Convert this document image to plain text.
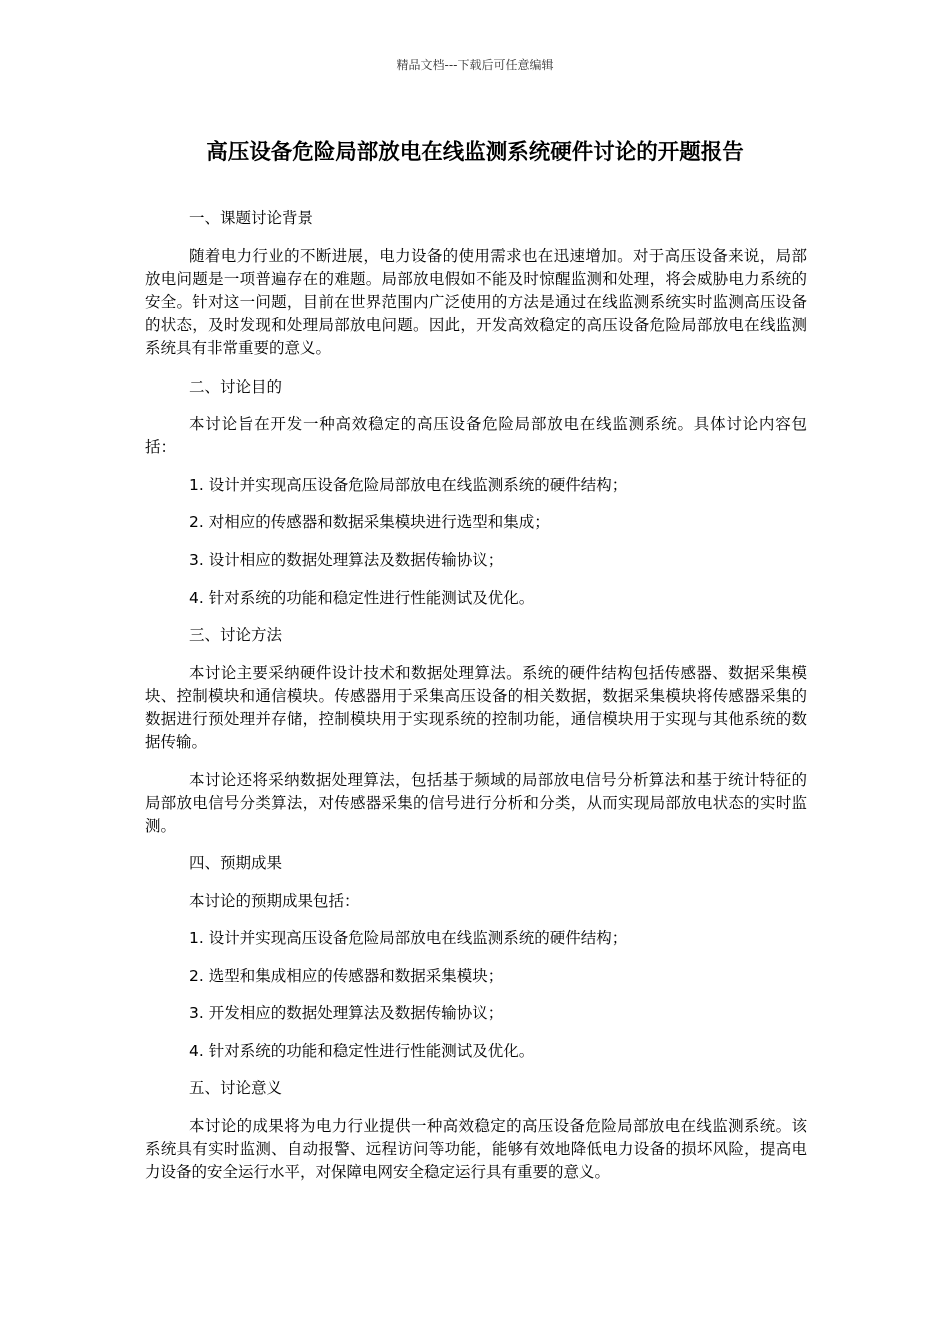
精品文档---下载后可任意编辑
高压设备危险局部放电在线监测系统硬件讨论的开题报告

一、课题讨论背景

随着电力行业的不断进展，电力设备的使用需求也在迅速增加。对于高压设备来说，局部放电问题是一项普遍存在的难题。局部放电假如不能及时惊醒监测和处理，将会威胁电力系统的安全。针对这一问题，目前在世界范围内广泛使用的方法是通过在线监测系统实时监测高压设备的状态，及时发现和处理局部放电问题。因此，开发高效稳定的高压设备危险局部放电在线监测系统具有非常重要的意义。

二、讨论目的

本讨论旨在开发一种高效稳定的高压设备危险局部放电在线监测系统。具体讨论内容包括：

1. 设计并实现高压设备危险局部放电在线监测系统的硬件结构；

2. 对相应的传感器和数据采集模块进行选型和集成；

3. 设计相应的数据处理算法及数据传输协议；

4. 针对系统的功能和稳定性进行性能测试及优化。

三、讨论方法

本讨论主要采纳硬件设计技术和数据处理算法。系统的硬件结构包括传感器、数据采集模块、控制模块和通信模块。传感器用于采集高压设备的相关数据，数据采集模块将传感器采集的数据进行预处理并存储，控制模块用于实现系统的控制功能，通信模块用于实现与其他系统的数据传输。

本讨论还将采纳数据处理算法，包括基于频域的局部放电信号分析算法和基于统计特征的局部放电信号分类算法，对传感器采集的信号进行分析和分类，从而实现局部放电状态的实时监测。

四、预期成果

本讨论的预期成果包括：

1. 设计并实现高压设备危险局部放电在线监测系统的硬件结构；

2. 选型和集成相应的传感器和数据采集模块；

3. 开发相应的数据处理算法及数据传输协议；

4. 针对系统的功能和稳定性进行性能测试及优化。

五、讨论意义

本讨论的成果将为电力行业提供一种高效稳定的高压设备危险局部放电在线监测系统。该系统具有实时监测、自动报警、远程访问等功能，能够有效地降低电力设备的损坏风险，提高电力设备的安全运行水平，对保障电网安全稳定运行具有重要的意义。
